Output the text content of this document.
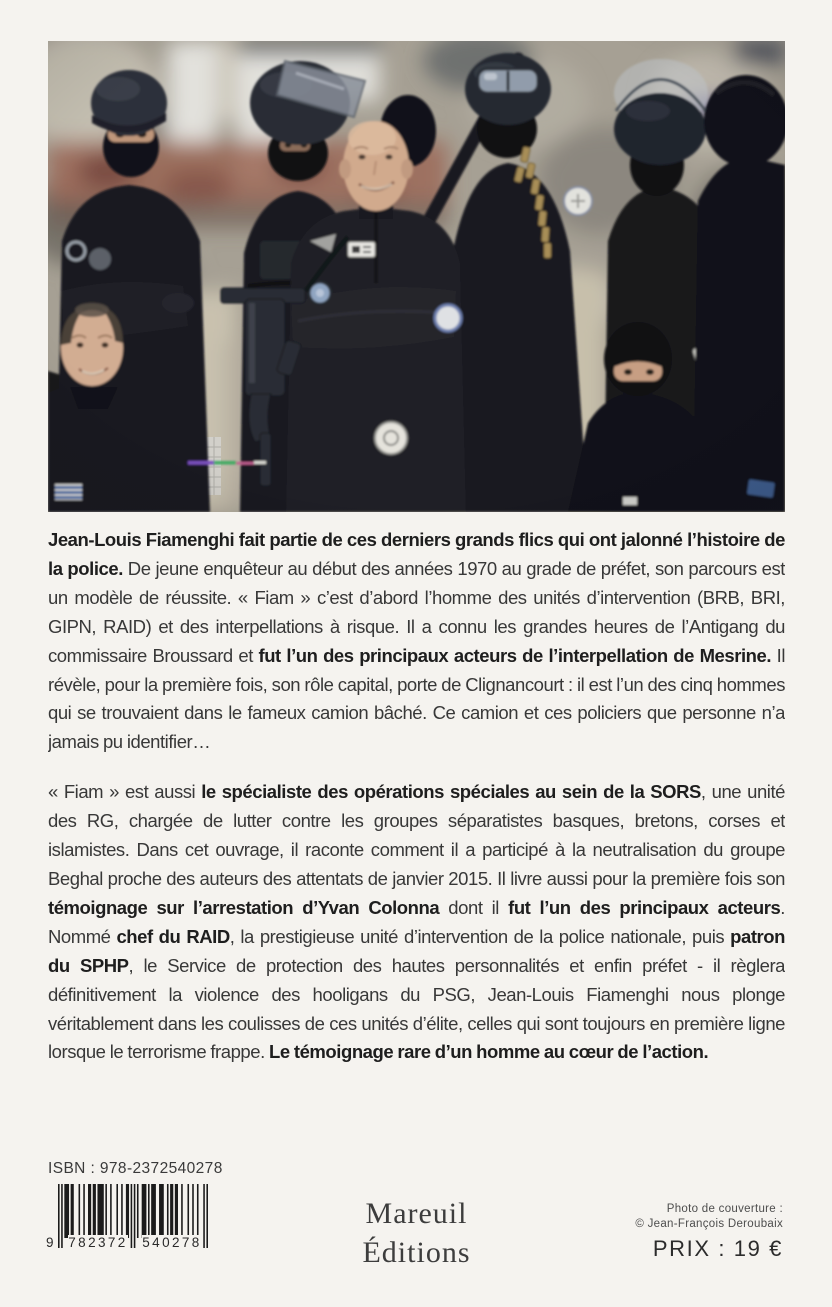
Jean-Louis Fiamenghi fait partie de ces derniers grands flics qui ont jalonné l’histoire de la police. De jeune enquêteur au début des années 1970 au grade de préfet, son parcours est un modèle de réussite. « Fiam » c’est d’abord l’homme des unités d’intervention (BRB, BRI, GIPN, RAID) et des interpellations à risque. Il a connu les grandes heures de l’Antigang du commissaire Broussard et fut l’un des principaux acteurs de l’interpellation de Mesrine. Il révèle, pour la première fois, son rôle capital, porte de Clignancourt : il est l’un des cinq hommes qui se trouvaient dans le fameux camion bâché. Ce camion et ces policiers que personne n’a jamais pu identifier…

« Fiam » est aussi le spécialiste des opérations spéciales au sein de la SORS, une unité des RG, chargée de lutter contre les groupes séparatistes basques, bretons, corses et islamistes. Dans cet ouvrage, il raconte comment il a participé à la neutralisation du groupe Beghal proche des auteurs des attentats de janvier 2015. Il livre aussi pour la première fois son témoignage sur l’arrestation d’Yvan Colonna dont il fut l’un des principaux acteurs. Nommé chef du RAID, la prestigieuse unité d’intervention de la police nationale, puis patron du SPHP, le Service de protection des hautes personnalités et enfin préfet - il règlera définitivement la violence des hooligans du PSG, Jean-Louis Fiamenghi nous plonge véritablement dans les coulisses de ces unités d’élite, celles qui sont toujours en première ligne lorsque le terrorisme frappe. Le témoignage rare d’un homme au cœur de l’action.

ISBN : 978-2372540278
9 782372 540278
Mareuil
Éditions
Photo de couverture :
© Jean-François Deroubaix
PRIX : 19 €
